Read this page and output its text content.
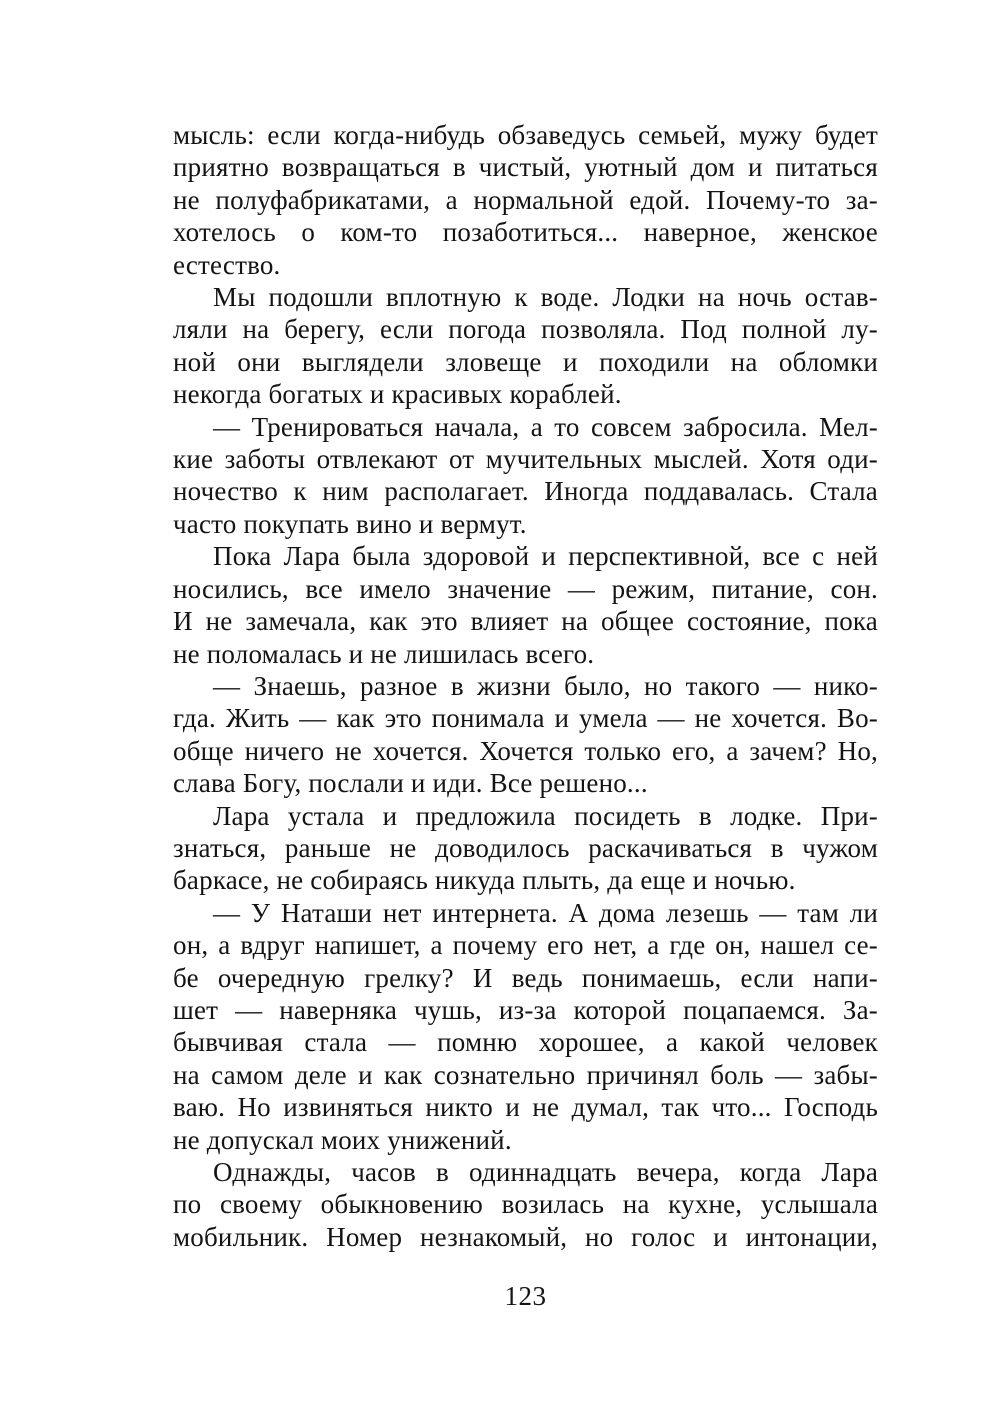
мысль: если когда-нибудь обзаведусь семьей, мужу будет
приятно возвращаться в чистый, уютный дом и питаться
не полуфабрикатами, а нормальной едой. Почему-то за-
хотелось о ком-то позаботиться... наверное, женское
естество.
Мы подошли вплотную к воде. Лодки на ночь остав-
ляли на берегу, если погода позволяла. Под полной лу-
ной они выглядели зловеще и походили на обломки
некогда богатых и красивых кораблей.
— Тренироваться начала, а то совсем забросила. Мел-
кие заботы отвлекают от мучительных мыслей. Хотя оди-
ночество к ним располагает. Иногда поддавалась. Стала
часто покупать вино и вермут.
Пока Лара была здоровой и перспективной, все с ней
носились, все имело значение — режим, питание, сон.
И не замечала, как это влияет на общее состояние, пока
не поломалась и не лишилась всего.
— Знаешь, разное в жизни было, но такого — нико-
гда. Жить — как это понимала и умела — не хочется. Во-
обще ничего не хочется. Хочется только его, а зачем? Но,
слава Богу, послали и иди. Все решено...
Лара устала и предложила посидеть в лодке. При-
знаться, раньше не доводилось раскачиваться в чужом
баркасе, не собираясь никуда плыть, да еще и ночью.
— У Наташи нет интернета. А дома лезешь — там ли
он, а вдруг напишет, а почему его нет, а где он, нашел се-
бе очередную грелку? И ведь понимаешь, если напи-
шет — наверняка чушь, из-за которой поцапаемся. За-
бывчивая стала — помню хорошее, а какой человек
на самом деле и как сознательно причинял боль — забы-
ваю. Но извиняться никто и не думал, так что... Господь
не допускал моих унижений.
Однажды, часов в одиннадцать вечера, когда Лара
по своему обыкновению возилась на кухне, услышала
мобильник. Номер незнакомый, но голос и интонации,
123
